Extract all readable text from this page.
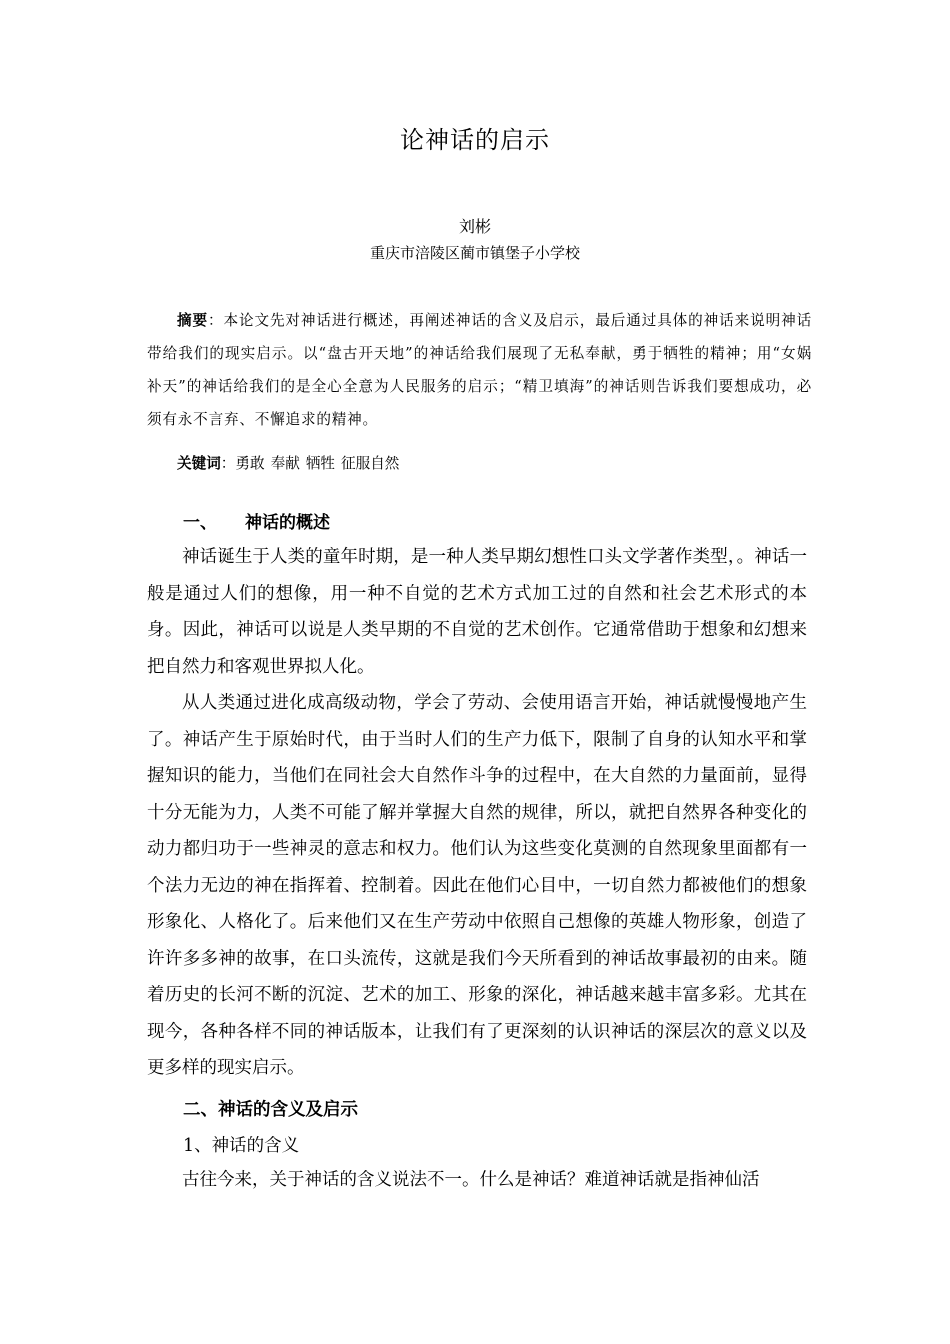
论神话的启示
刘彬
重庆市涪陵区蔺市镇堡子小学校
摘要：本论文先对神话进行概述，再阐述神话的含义及启示，最后通过具体的神话来说明神话带给我们的现实启示。以“盘古开天地”的神话给我们展现了无私奉献，勇于牺牲的精神；用“女娲补天”的神话给我们的是全心全意为人民服务的启示；“精卫填海”的神话则告诉我们要想成功，必须有永不言弃、不懈追求的精神。
关键词：勇敢 奉献 牺牲 征服自然
一、 神话的概述
神话诞生于人类的童年时期，是一种人类早期幻想性口头文学著作类型，。神话一般是通过人们的想像，用一种不自觉的艺术方式加工过的自然和社会艺术形式的本身。因此，神话可以说是人类早期的不自觉的艺术创作。它通常借助于想象和幻想来把自然力和客观世界拟人化。
从人类通过进化成高级动物，学会了劳动、会使用语言开始，神话就慢慢地产生了。神话产生于原始时代，由于当时人们的生产力低下，限制了自身的认知水平和掌握知识的能力，当他们在同社会大自然作斗争的过程中，在大自然的力量面前，显得十分无能为力，人类不可能了解并掌握大自然的规律，所以，就把自然界各种变化的动力都归功于一些神灵的意志和权力。他们认为这些变化莫测的自然现象里面都有一个法力无边的神在指挥着、控制着。因此在他们心目中，一切自然力都被他们的想象形象化、人格化了。后来他们又在生产劳动中依照自己想像的英雄人物形象，创造了许许多多神的故事，在口头流传，这就是我们今天所看到的神话故事最初的由来。随着历史的长河不断的沉淀、艺术的加工、形象的深化，神话越来越丰富多彩。尤其在现今，各种各样不同的神话版本，让我们有了更深刻的认识神话的深层次的意义以及更多样的现实启示。
二、神话的含义及启示
1、神话的含义
古往今来，关于神话的含义说法不一。什么是神话？难道神话就是指神仙活
